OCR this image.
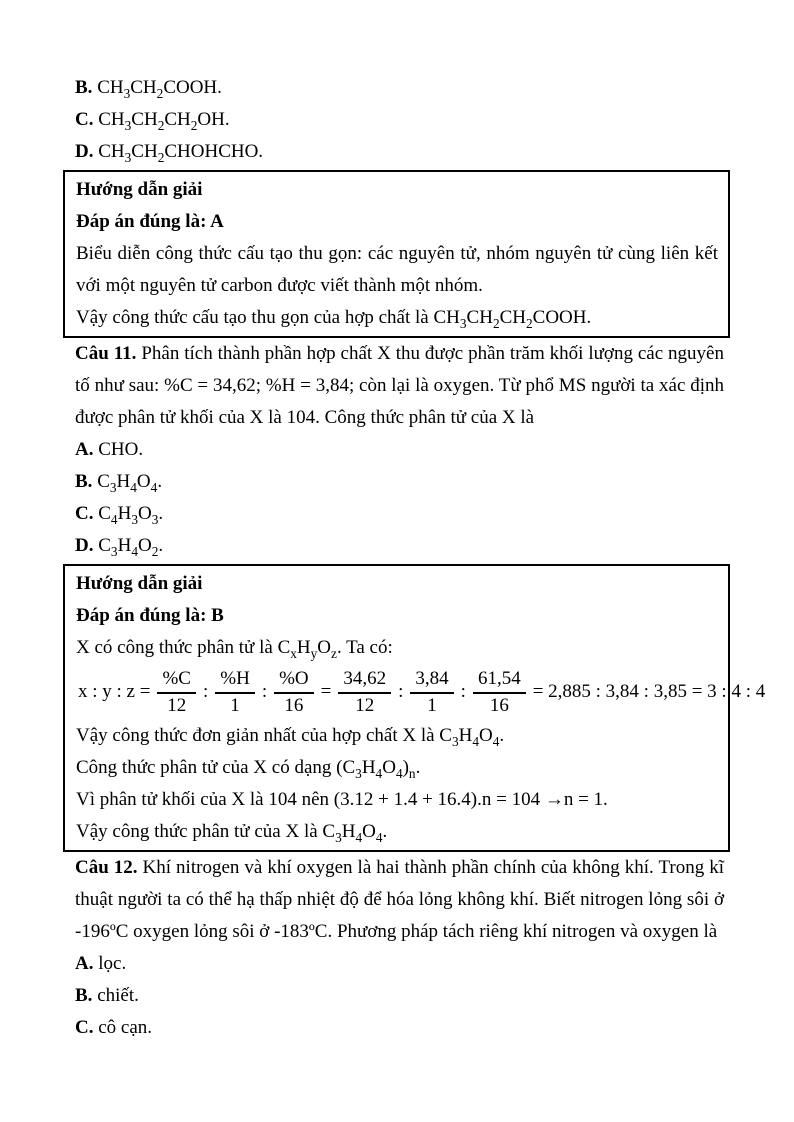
B. $CH_3CH_2COOH$.

C. $CH_3CH_2CH_2OH$.

D. $CH_3CH_2CHOHCHO$.

Hướng dẫn giải

Đáp án đúng là: A

Biểu diễn công thức cấu tạo thu gọn: các nguyên tử, nhóm nguyên tử cùng liên kết với một nguyên tử carbon được viết thành một nhóm.

Vậy công thức cấu tạo thu gọn của hợp chất là $CH_3CH_2CH_2COOH$.

Câu 11. Phân tích thành phần hợp chất X thu được phần trăm khối lượng các nguyên tố như sau: %C = 34,62; %H = 3,84; còn lại là oxygen. Từ phổ MS người ta xác định được phân tử khối của X là 104. Công thức phân tử của X là

A. CHO.

B. $C_3H_4O_4$.

C. $C_4H_3O_3$.

D. $C_3H_4O_2$.

Hướng dẫn giải

Đáp án đúng là: B

X có công thức phân tử là $C_xH_yO_z$. Ta có:

x : y : $z = \frac{\%C}{12}$ : $\frac{\%H}{1}$ : $\frac{\%O}{16} = \frac{34,62}{12}$ : $\frac{3,84}{1}$ : $\frac{61,54}{16} = 2,885$ : 3,84 : 3,85 = 3 : 4 : 4

Vậy công thức đơn giản nhất của hợp chất X là $C_3H_4O_4$.

Công thức phân tử của X có dạng $(C_3H_4O_4)_n$.

Vì phân tử khối của X là 104 nên (3.12 + 1.4 + 16.4).n = 104 →n = 1.

Vậy công thức phân tử của X là $C_3H_4O_4$.

Câu 12. Khí nitrogen và khí oxygen là hai thành phần chính của không khí. Trong kĩ thuật người ta có thể hạ thấp nhiệt độ để hóa lỏng không khí. Biết nitrogen lỏng sôi ở -196ºC oxygen lỏng sôi ở -183ºC. Phương pháp tách riêng khí nitrogen và oxygen là

A. lọc.

B. chiết.

C. cô cạn.
